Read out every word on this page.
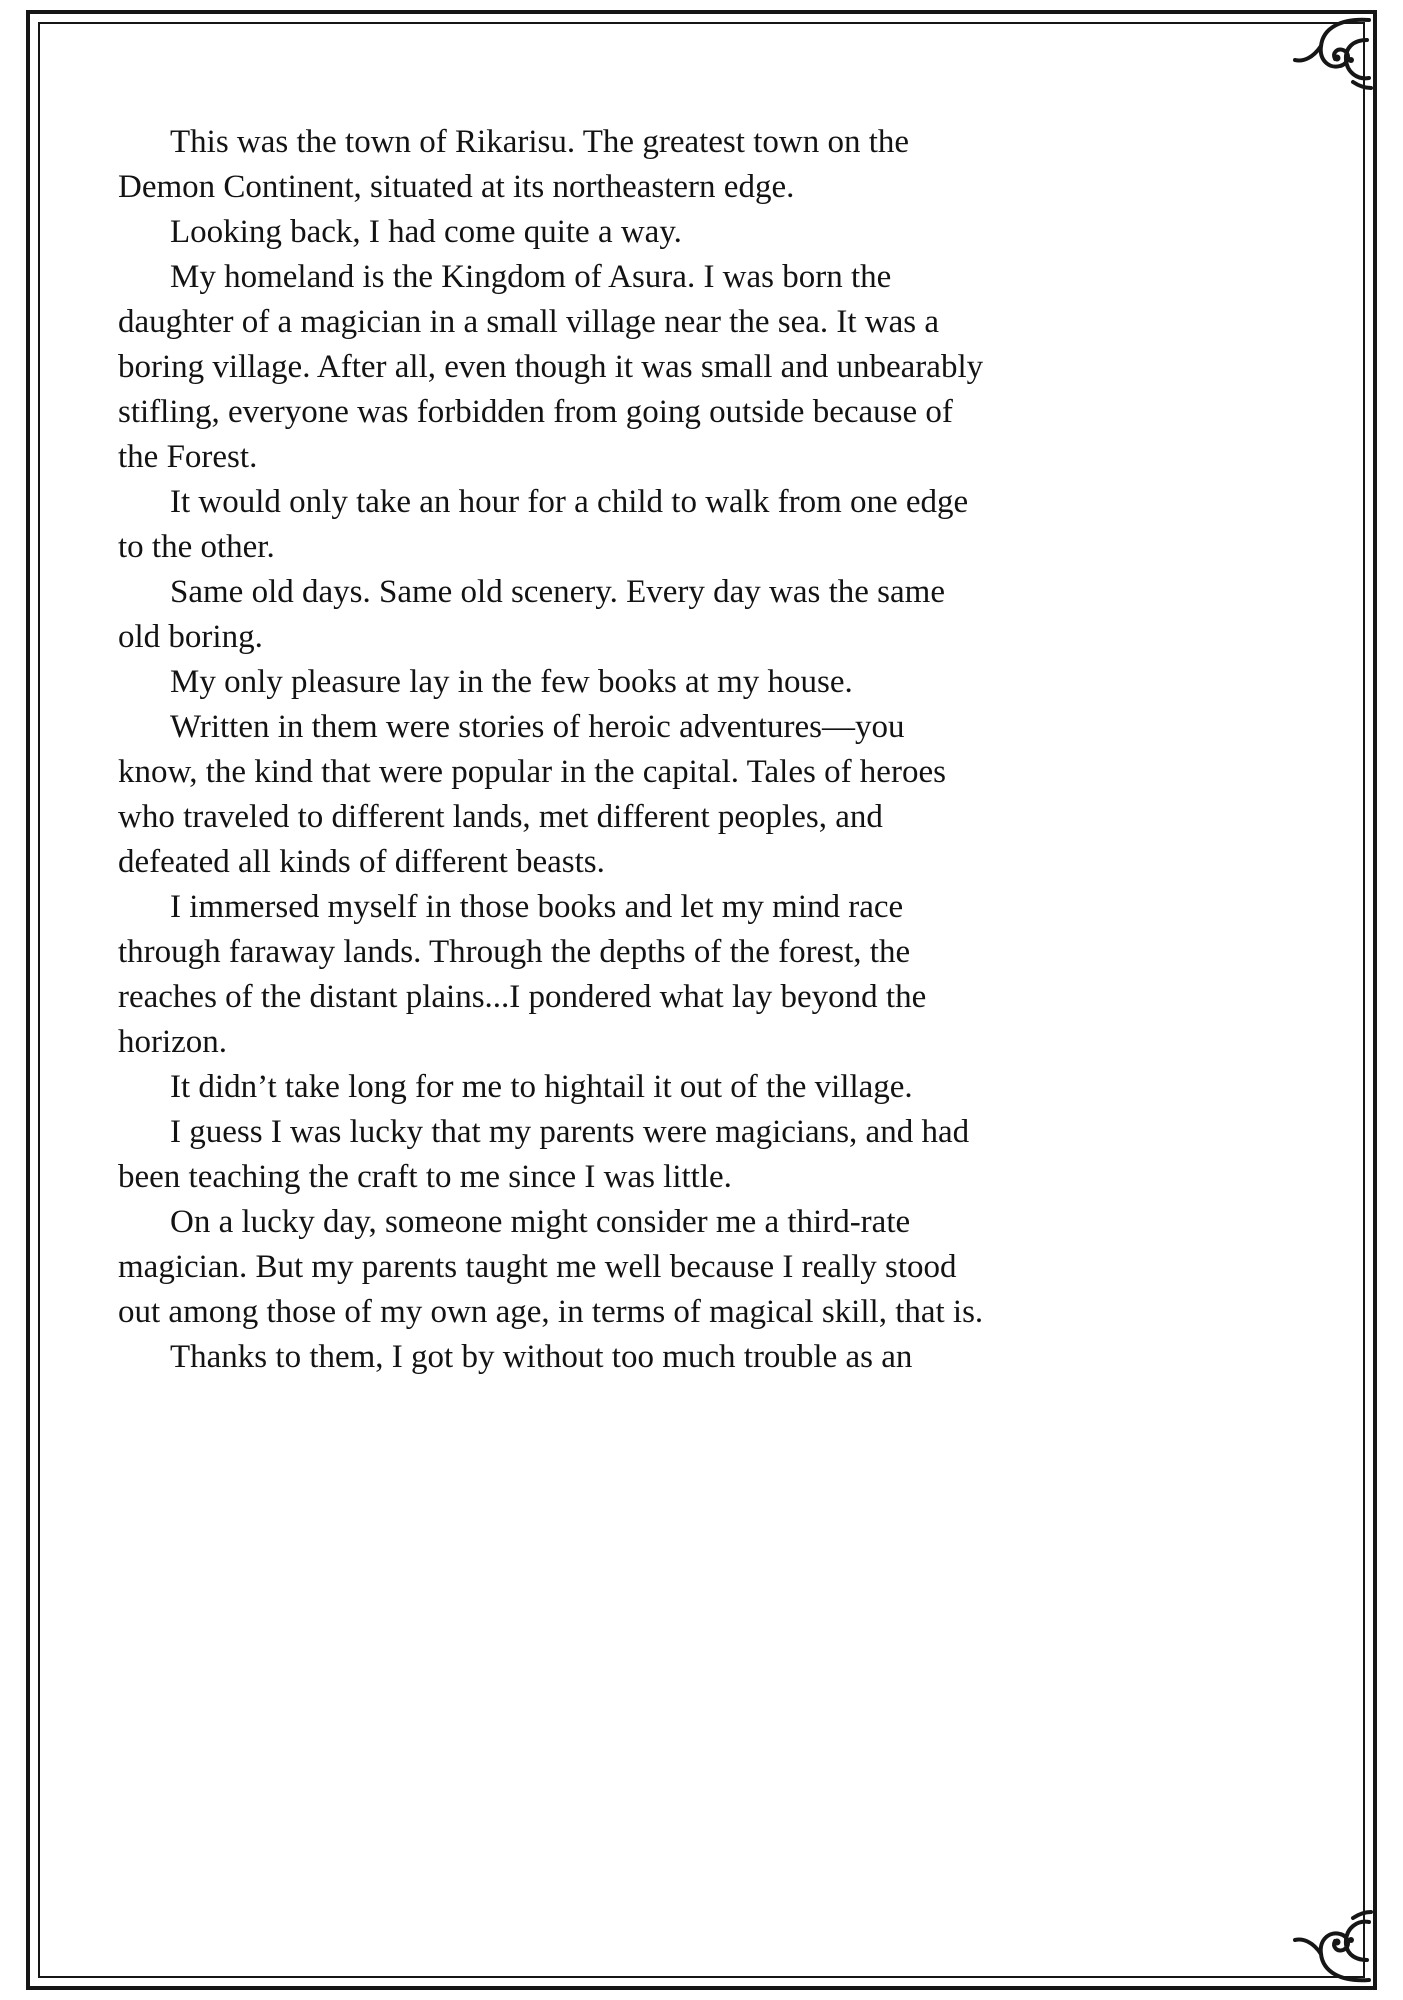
This was the town of Rikarisu. The greatest town on the Demon Continent, situated at its northeastern edge.

Looking back, I had come quite a way.

My homeland is the Kingdom of Asura. I was born the daughter of a magician in a small village near the sea. It was a boring village. After all, even though it was small and unbearably stifling, everyone was forbidden from going outside because of the Forest.

It would only take an hour for a child to walk from one edge to the other.

Same old days. Same old scenery. Every day was the same old boring.

My only pleasure lay in the few books at my house.

Written in them were stories of heroic adventures—you know, the kind that were popular in the capital. Tales of heroes who traveled to different lands, met different peoples, and defeated all kinds of different beasts.

I immersed myself in those books and let my mind race through faraway lands. Through the depths of the forest, the reaches of the distant plains...I pondered what lay beyond the horizon.

It didn’t take long for me to hightail it out of the village.

I guess I was lucky that my parents were magicians, and had been teaching the craft to me since I was little.

On a lucky day, someone might consider me a third-rate magician. But my parents taught me well because I really stood out among those of my own age, in terms of magical skill, that is.

Thanks to them, I got by without too much trouble as an
